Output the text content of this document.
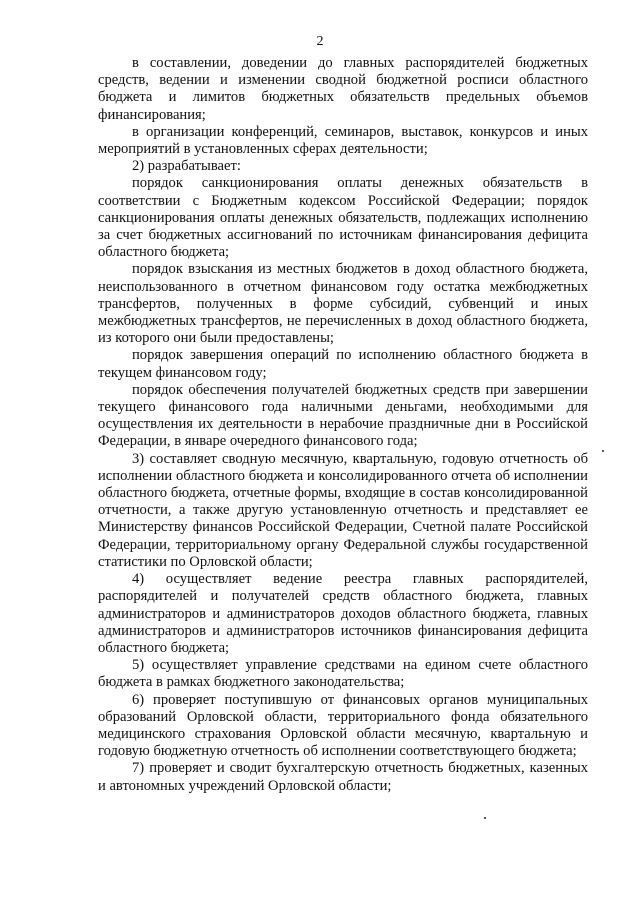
2

в составлении, доведении до главных распорядителей бюджетных средств, ведении и изменении сводной бюджетной росписи областного бюджета и лимитов бюджетных обязательств предельных объемов финансирования;

в организации конференций, семинаров, выставок, конкурсов и иных мероприятий в установленных сферах деятельности;

2) разрабатывает:

порядок санкционирования оплаты денежных обязательств в соответствии с Бюджетным кодексом Российской Федерации; порядок санкционирования оплаты денежных обязательств, подлежащих исполнению за счет бюджетных ассигнований по источникам финансирования дефицита областного бюджета;

порядок взыскания из местных бюджетов в доход областного бюджета, неиспользованного в отчетном финансовом году остатка межбюджетных трансфертов, полученных в форме субсидий, субвенций и иных межбюджетных трансфертов, не перечисленных в доход областного бюджета, из которого они были предоставлены;

порядок завершения операций по исполнению областного бюджета в текущем финансовом году;

порядок обеспечения получателей бюджетных средств при завершении текущего финансового года наличными деньгами, необходимыми для осуществления их деятельности в нерабочие праздничные дни в Российской Федерации, в январе очередного финансового года;

3) составляет сводную месячную, квартальную, годовую отчетность об исполнении областного бюджета и консолидированного отчета об исполнении областного бюджета, отчетные формы, входящие в состав консолидированной отчетности, а также другую установленную отчетность и представляет ее Министерству финансов Российской Федерации, Счетной палате Российской Федерации, территориальному органу Федеральной службы государственной статистики по Орловской области;

4) осуществляет ведение реестра главных распорядителей, распорядителей и получателей средств областного бюджета, главных администраторов и администраторов доходов областного бюджета, главных администраторов и администраторов источников финансирования дефицита областного бюджета;

5) осуществляет управление средствами на едином счете областного бюджета в рамках бюджетного законодательства;

6) проверяет поступившую от финансовых органов муниципальных образований Орловской области, территориального фонда обязательного медицинского страхования Орловской области месячную, квартальную и годовую бюджетную отчетность об исполнении соответствующего бюджета;

7) проверяет и сводит бухгалтерскую отчетность бюджетных, казенных и автономных учреждений Орловской области;
